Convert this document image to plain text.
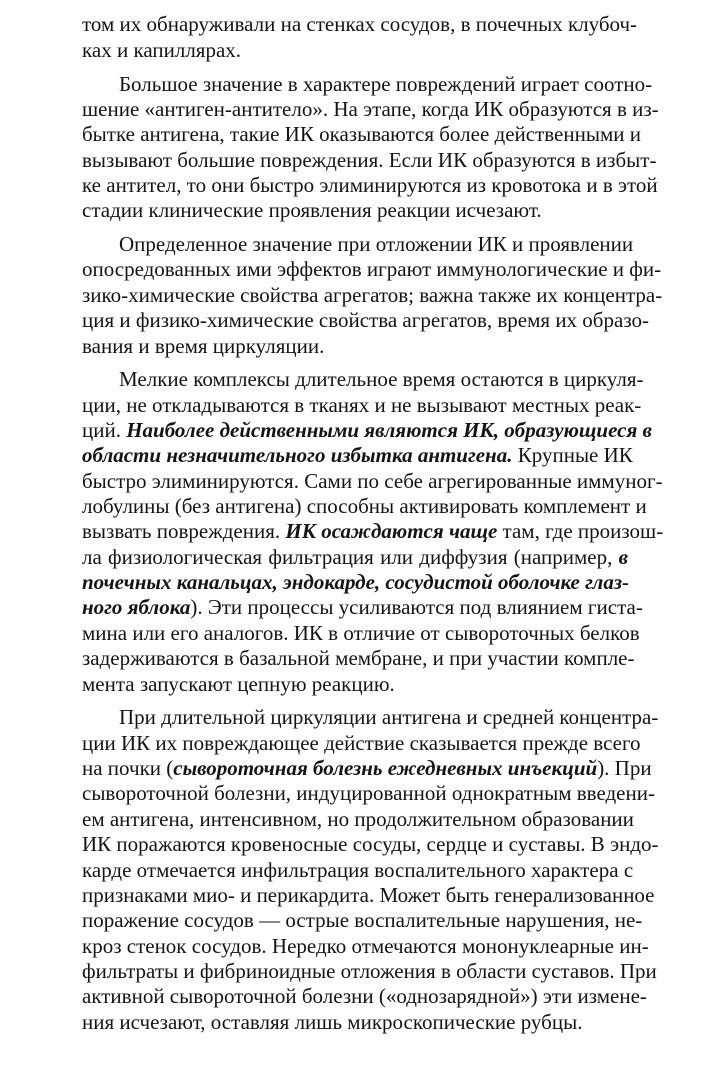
том их обнаруживали на стенках сосудов, в почечных клубоч-
ках и капиллярах.
Большое значение в характере повреждений играет соотно-
шение «антиген-антитело». На этапе, когда ИК образуются в из-
бытке антигена, такие ИК оказываются более действенными и
вызывают большие повреждения. Если ИК образуются в избыт-
ке антител, то они быстро элиминируются из кровотока и в этой
стадии клинические проявления реакции исчезают.
Определенное значение при отложении ИК и проявлении
опосредованных ими эффектов играют иммунологические и фи-
зико-химические свойства агрегатов; важна также их концентра-
ция и физико-химические свойства агрегатов, время их образо-
вания и время циркуляции.
Мелкие комплексы длительное время остаются в циркуля-
ции, не откладываются в тканях и не вызывают местных реак-
ций. Наиболее действенными являются ИК, образующиеся в
области незначительного избытка антигена. Крупные ИК
быстро элиминируются. Сами по себе агрегированные иммуног-
лобулины (без антигена) способны активировать комплемент и
вызвать повреждения. ИК осаждаются чаще там, где произош-
ла физиологическая фильтрация или диффузия (например, в
почечных канальцах, эндокарде, сосудистой оболочке глаз-
ного яблока). Эти процессы усиливаются под влиянием гиста-
мина или его аналогов. ИК в отличие от сывороточных белков
задерживаются в базальной мембране, и при участии компле-
мента запускают цепную реакцию.
При длительной циркуляции антигена и средней концентра-
ции ИК их повреждающее действие сказывается прежде всего
на почки (сывороточная болезнь ежедневных инъекций). При
сывороточной болезни, индуцированной однократным введени-
ем антигена, интенсивном, но продолжительном образовании
ИК поражаются кровеносные сосуды, сердце и суставы. В эндо-
карде отмечается инфильтрация воспалительного характера с
признаками мио- и перикардита. Может быть генерализованное
поражение сосудов — острые воспалительные нарушения, не-
кроз стенок сосудов. Нередко отмечаются мононуклеарные ин-
фильтраты и фибриноидные отложения в области суставов. При
активной сывороточной болезни («однозарядной») эти измене-
ния исчезают, оставляя лишь микроскопические рубцы.
